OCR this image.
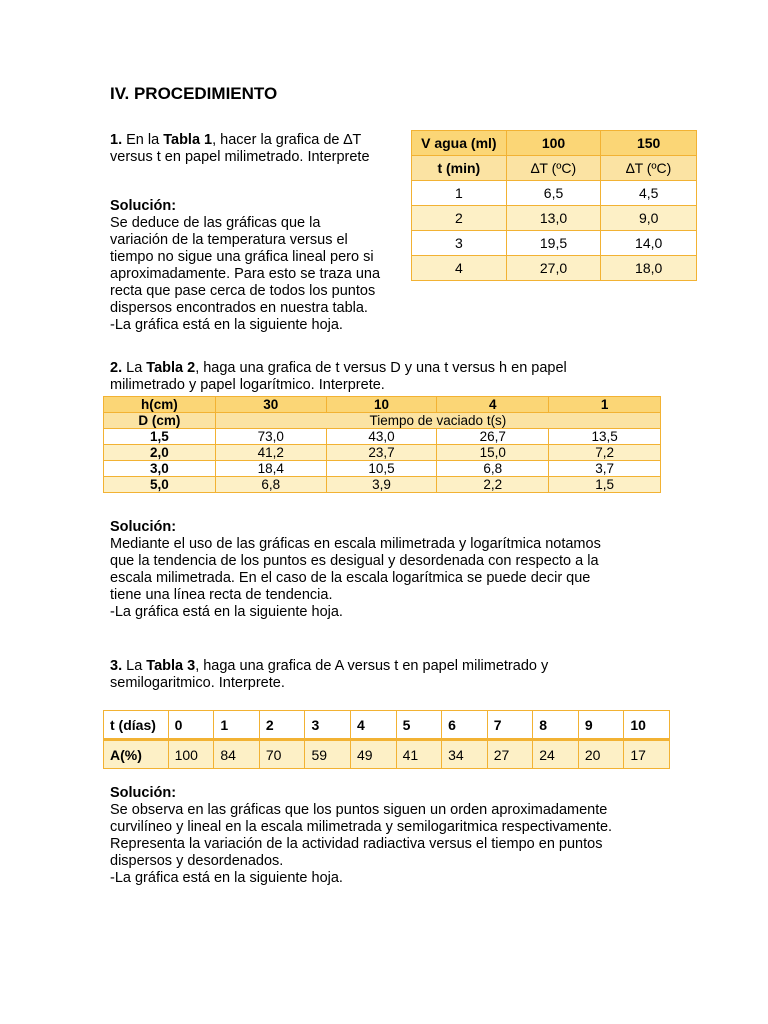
IV. PROCEDIMIENTO

1. En la Tabla 1, hacer la grafica de ∆T
versus t en papel milimetrado. Interprete

Solución:
Se deduce de las gráficas que la
variación de la temperatura versus el
tiempo no sigue una gráfica lineal pero si
aproximadamente. Para esto se traza una
recta que pase cerca de todos los puntos
dispersos encontrados en nuestra tabla.
-La gráfica está en la siguiente hoja.
V agua (ml)	100	150
t (min)	∆T (ºC)	∆T (ºC)
1	6,5	4,5
2	13,0	9,0
3	19,5	14,0
4	27,0	18,0

2. La Tabla 2, haga una grafica de t versus D y una t versus h en papel
milimetrado y papel logarítmico. Interprete.

h(cm)	30	10	4	1
D (cm)	Tiempo de vaciado t(s)			
1,5	73,0	43,0	26,7	13,5
2,0	41,2	23,7	15,0	7,2
3,0	18,4	10,5	6,8	3,7
5,0	6,8	3,9	2,2	1,5
Solución:
Mediante el uso de las gráficas en escala milimetrada y logarítmica notamos
que la tendencia de los puntos es desigual y desordenada con respecto a la
escala milimetrada. En el caso de la escala logarítmica se puede decir que
tiene una línea recta de tendencia.
-La gráfica está en la siguiente hoja.

3. La Tabla 3, haga una grafica de A versus t en papel milimetrado y
semilogaritmico. Interprete.

t (días)	0	1	2	3	4	5	6	7	8	9	10
A(%)	100	84	70	59	49	41	34	27	24	20	17
Solución:
Se observa en las gráficas que los puntos siguen un orden aproximadamente
curvilíneo y lineal en la escala milimetrada y semilogaritmica respectivamente.
Representa la variación de la actividad radiactiva versus el tiempo en puntos
dispersos y desordenados.
-La gráfica está en la siguiente hoja.
